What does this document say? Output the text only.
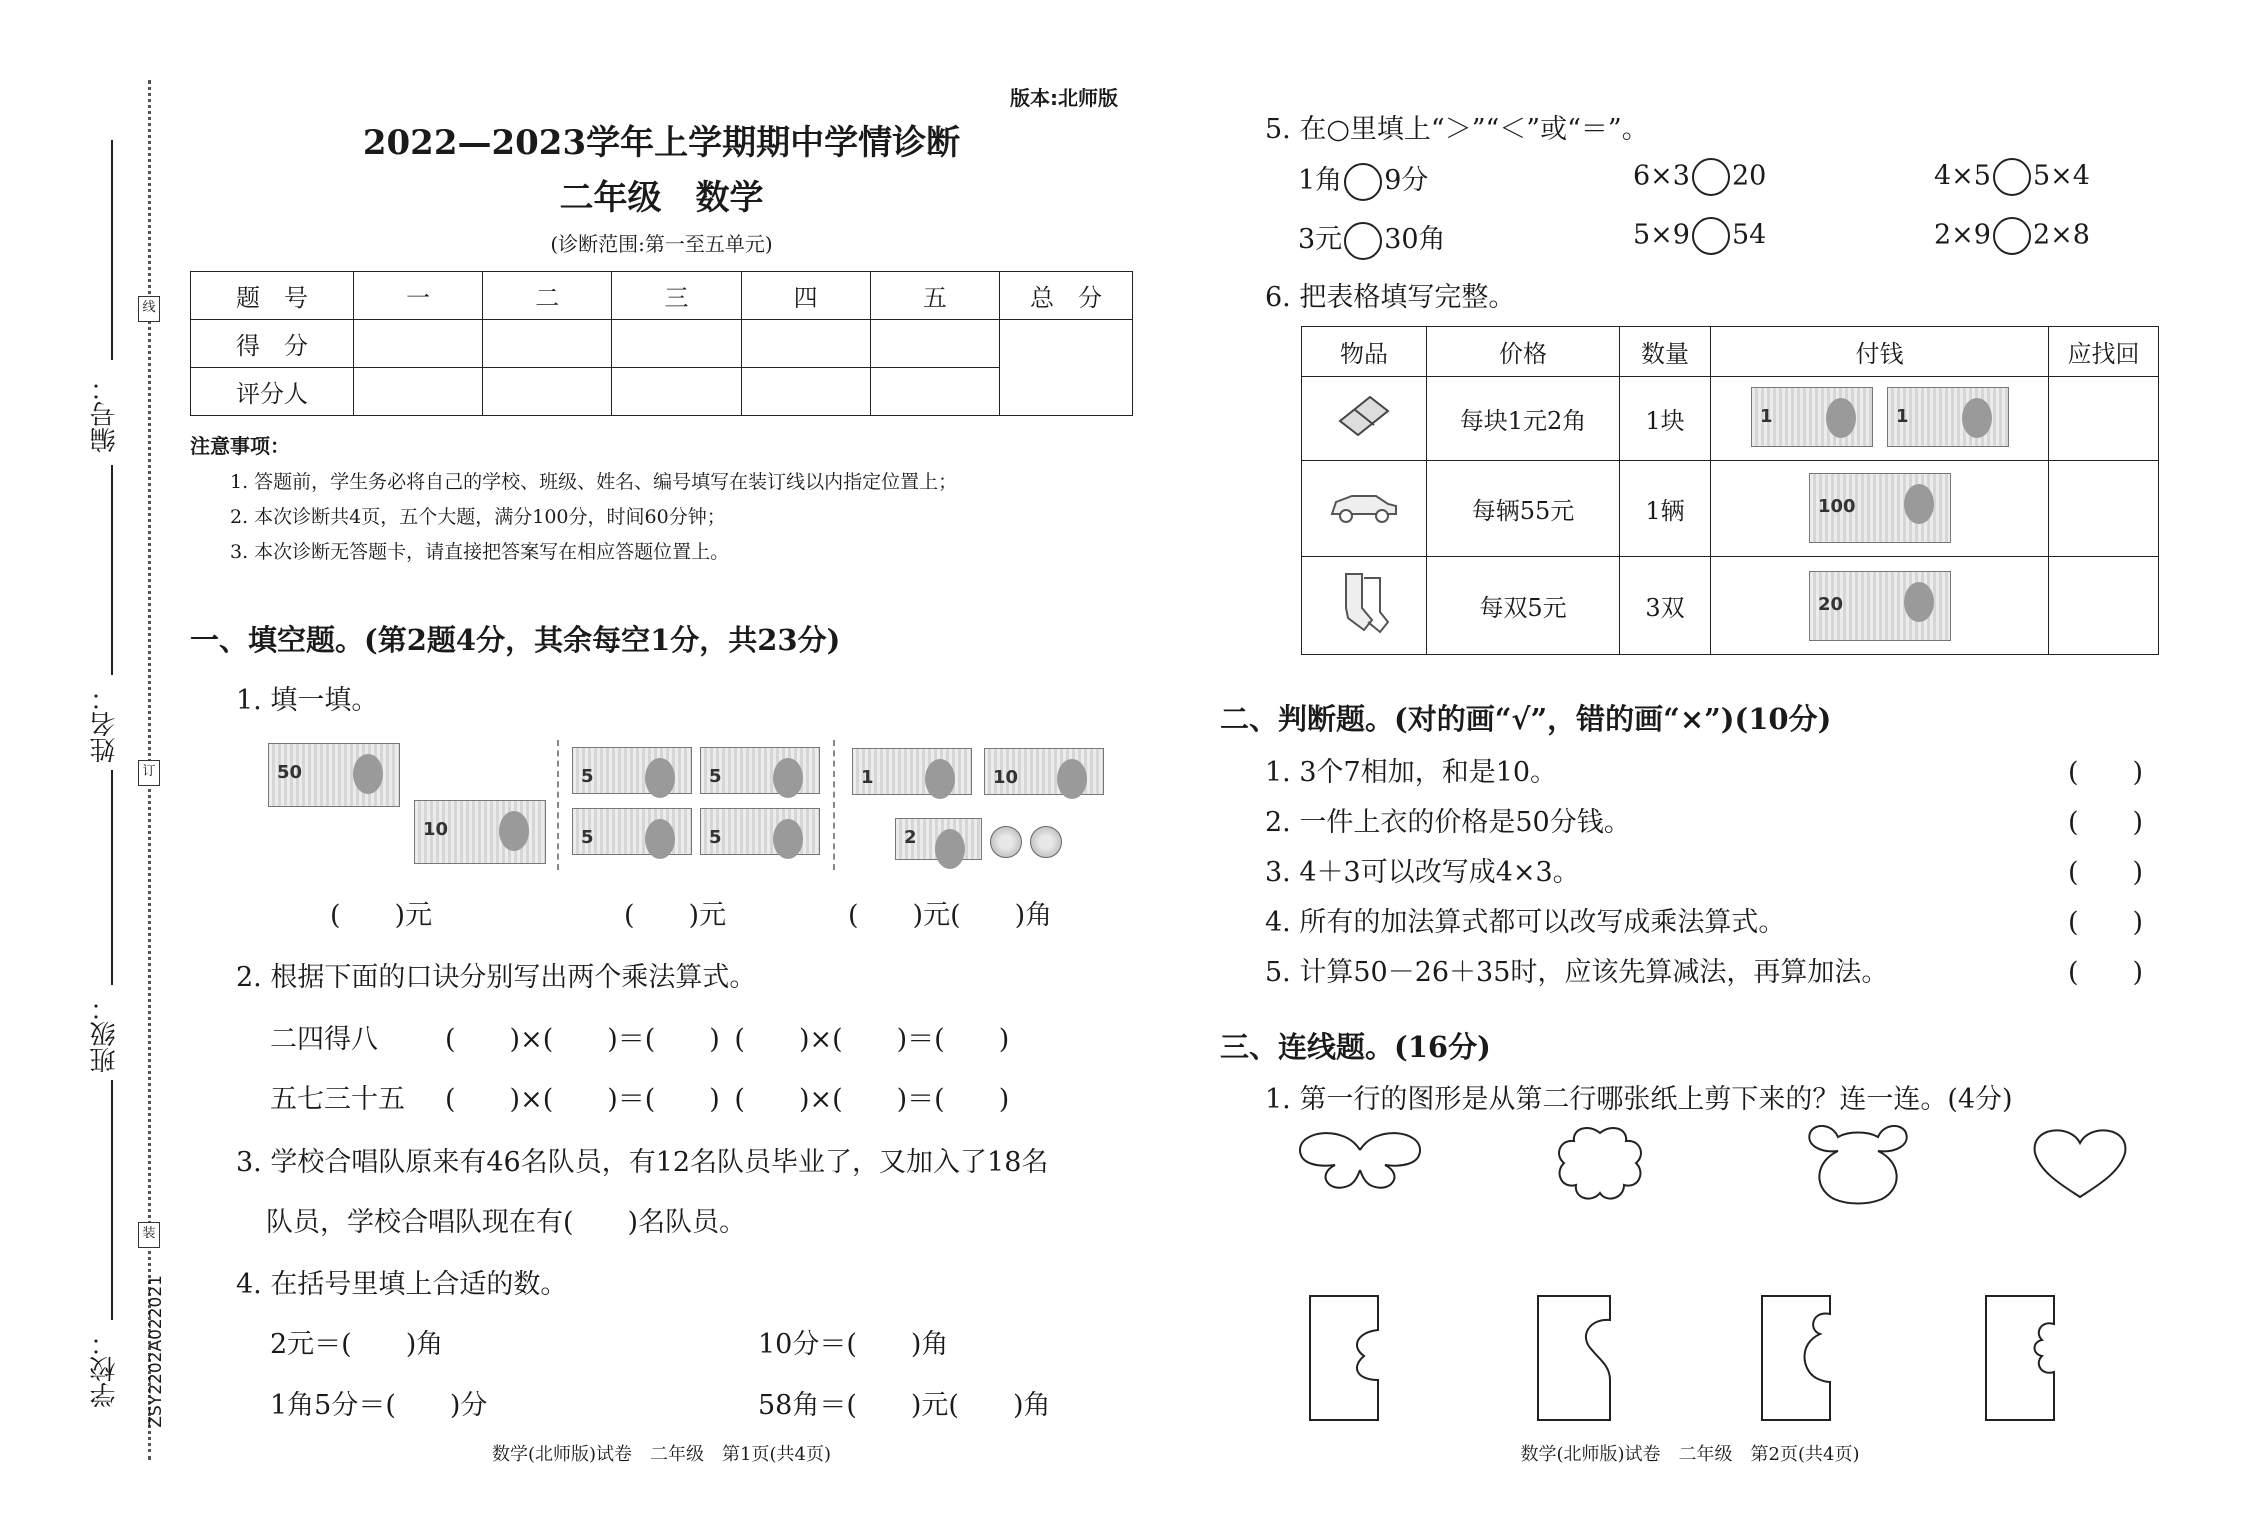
编号：
姓名：
班级：
学校：
线
订
装
ZSY2202A022021
版本:北师版
2022—2023学年上学期期中学情诊断
二年级　数学
(诊断范围:第一至五单元)
题　号	一	二	三	四	五	总　分
得　分						
评分人						
注意事项：
1. 答题前，学生务必将自己的学校、班级、姓名、编号填写在装订线以内指定位置上；
2. 本次诊断共4页，五个大题，满分100分，时间60分钟；
3. 本次诊断无答题卡，请直接把答案写在相应答题位置上。
一、填空题。(第2题4分，其余每空1分，共23分)
1. 填一填。
50
10
5	5
5	5
1	10
2
(　　)元	(　　)元	(　　)元(　　)角
2. 根据下面的口诀分别写出两个乘法算式。
二四得八 (　　)×(　　)＝(　　) (　　)×(　　)＝(　　)
五七三十五 (　　)×(　　)＝(　　) (　　)×(　　)＝(　　)
3. 学校合唱队原来有46名队员，有12名队员毕业了，又加入了18名
队员，学校合唱队现在有(　　)名队员。
4. 在括号里填上合适的数。
2元＝(　　)角	10分＝(　　)角
1角5分＝(　　)分	58角＝(　　)元(　　)角
数学(北师版)试卷　二年级　第1页(共4页)
5. 在○里填上“＞”“＜”或“＝”。
1角 9分	6×3 20	4×5 5×4
3元 30角	5×9 54	2×9 2×8
6. 把表格填写完整。
物品	价格	数量	付钱	应找回
	每块1元2角	1块	1 1	

	每辆55元	1辆	100	

	每双5元	3双	20	

二、判断题。(对的画“√”，错的画“×”)(10分)
1. 3个7相加，和是10。
2. 一件上衣的价格是50分钱。
3. 4＋3可以改写成4×3。
4. 所有的加法算式都可以改写成乘法算式。
5. 计算50－26＋35时，应该先算减法，再算加法。
(　　)
(　　)
(　　)
(　　)
(　　)
三、连线题。(16分)
1. 第一行的图形是从第二行哪张纸上剪下来的？连一连。(4分)
数学(北师版)试卷　二年级　第2页(共4页)
